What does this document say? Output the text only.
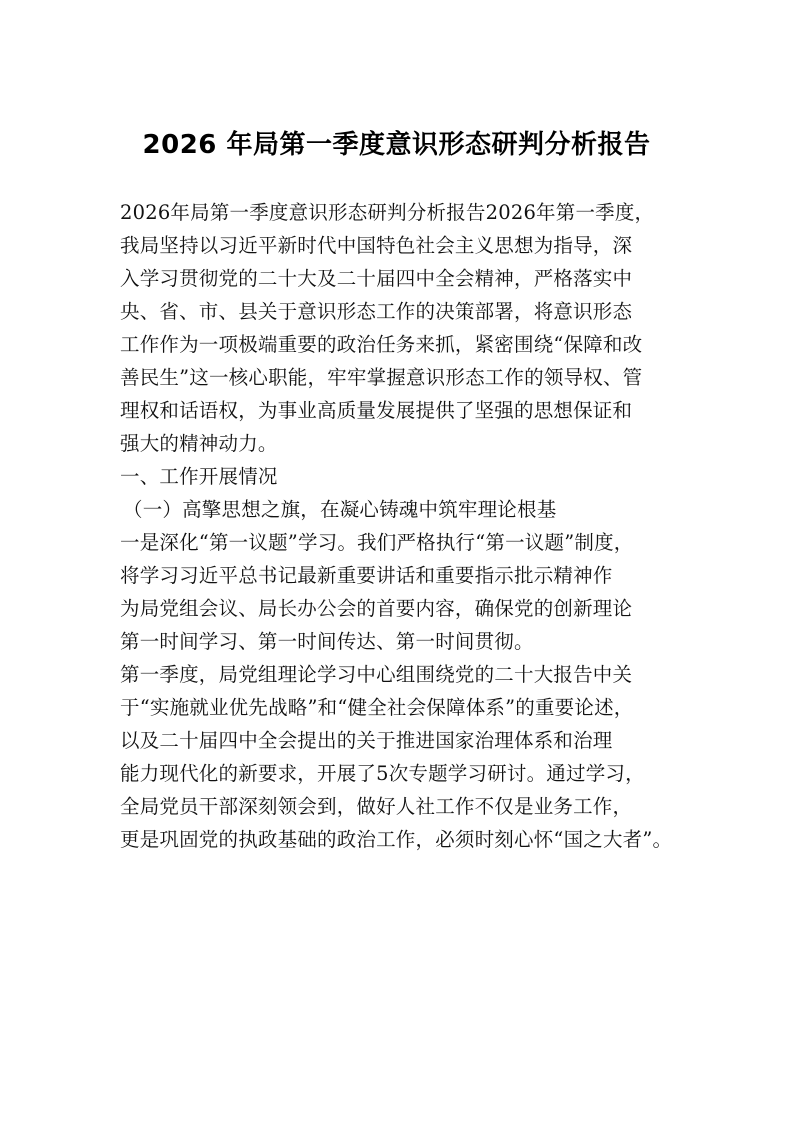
2026 年局第一季度意识形态研判分析报告
2026年局第一季度意识形态研判分析报告2026年第一季度，
我局坚持以习近平新时代中国特色社会主义思想为指导，深
入学习贯彻党的二十大及二十届四中全会精神，严格落实中
央、省、市、县关于意识形态工作的决策部署，将意识形态
工作作为一项极端重要的政治任务来抓，紧密围绕“保障和改
善民生”这一核心职能，牢牢掌握意识形态工作的领导权、管
理权和话语权，为事业高质量发展提供了坚强的思想保证和
强大的精神动力。
一、工作开展情况
（一）高擎思想之旗，在凝心铸魂中筑牢理论根基
一是深化“第一议题”学习。我们严格执行“第一议题”制度，
将学习习近平总书记最新重要讲话和重要指示批示精神作
为局党组会议、局长办公会的首要内容，确保党的创新理论
第一时间学习、第一时间传达、第一时间贯彻。
第一季度，局党组理论学习中心组围绕党的二十大报告中关
于“实施就业优先战略”和“健全社会保障体系”的重要论述，
以及二十届四中全会提出的关于推进国家治理体系和治理
能力现代化的新要求，开展了5次专题学习研讨。通过学习，
全局党员干部深刻领会到，做好人社工作不仅是业务工作，
更是巩固党的执政基础的政治工作，必须时刻心怀“国之大者”。
